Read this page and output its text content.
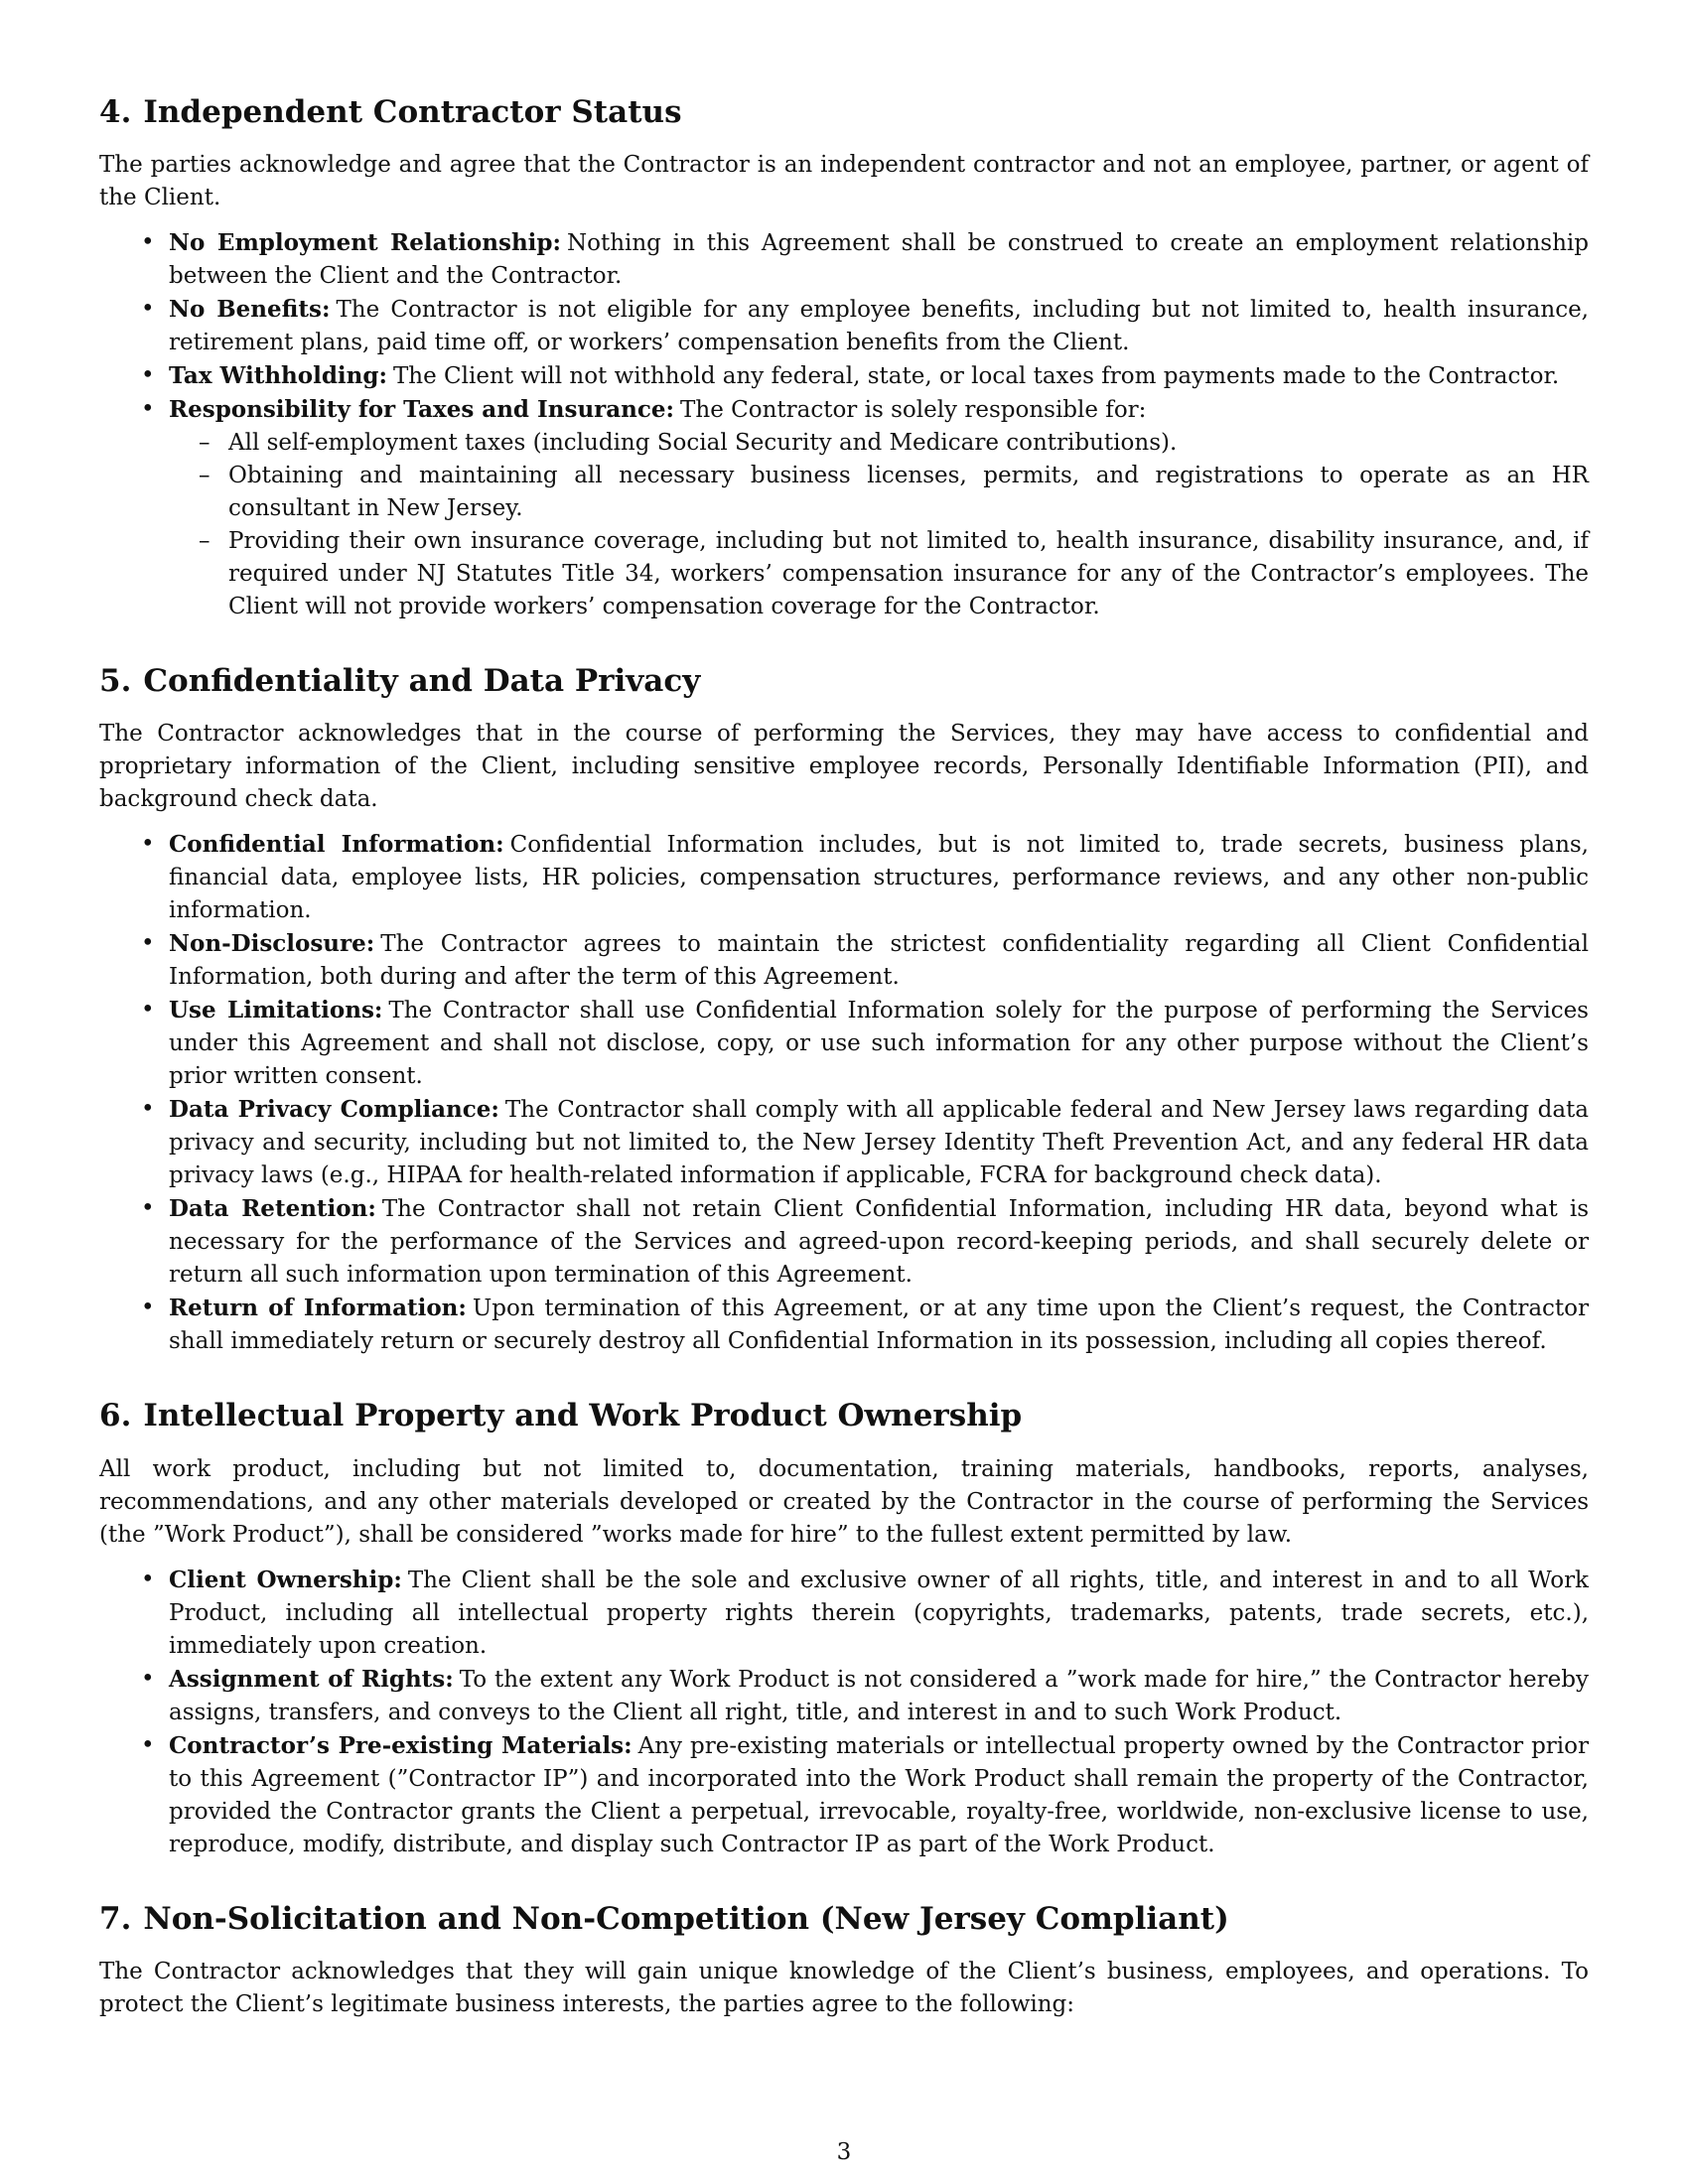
4. Independent Contractor Status

The parties acknowledge and agree that the Contractor is an independent contractor and not an employee, partner, or agent of the Client.

• No Employment Relationship: Nothing in this Agreement shall be construed to create an employment relationship between the Client and the Contractor.
• No Benefits: The Contractor is not eligible for any employee benefits, including but not limited to, health insurance, retirement plans, paid time off, or workers’ compensation benefits from the Client.
• Tax Withholding: The Client will not withhold any federal, state, or local taxes from payments made to the Contractor.
• Responsibility for Taxes and Insurance: The Contractor is solely responsible for:
– All self-employment taxes (including Social Security and Medicare contributions).
– Obtaining and maintaining all necessary business licenses, permits, and registrations to operate as an HR consultant in New Jersey.
– Providing their own insurance coverage, including but not limited to, health insurance, disability insurance, and, if required under NJ Statutes Title 34, workers’ compensation insurance for any of the Contractor’s employees. The Client will not provide workers’ compensation coverage for the Contractor.
5. Confidentiality and Data Privacy

The Contractor acknowledges that in the course of performing the Services, they may have access to confidential and proprietary information of the Client, including sensitive employee records, Personally Identifiable Information (PII), and background check data.

• Confidential Information: Confidential Information includes, but is not limited to, trade secrets, business plans, financial data, employee lists, HR policies, compensation structures, performance reviews, and any other non-public information.
• Non-Disclosure: The Contractor agrees to maintain the strictest confidentiality regarding all Client Confidential Information, both during and after the term of this Agreement.
• Use Limitations: The Contractor shall use Confidential Information solely for the purpose of performing the Services under this Agreement and shall not disclose, copy, or use such information for any other purpose without the Client’s prior written consent.
• Data Privacy Compliance: The Contractor shall comply with all applicable federal and New Jersey laws regarding data privacy and security, including but not limited to, the New Jersey Identity Theft Prevention Act, and any federal HR data privacy laws (e.g., HIPAA for health-related information if applicable, FCRA for background check data).
• Data Retention: The Contractor shall not retain Client Confidential Information, including HR data, beyond what is necessary for the performance of the Services and agreed-upon record-keeping periods, and shall securely delete or return all such information upon termination of this Agreement.
• Return of Information: Upon termination of this Agreement, or at any time upon the Client’s request, the Contractor shall immediately return or securely destroy all Confidential Information in its possession, including all copies thereof.
6. Intellectual Property and Work Product Ownership

All work product, including but not limited to, documentation, training materials, handbooks, reports, analyses, recommendations, and any other materials developed or created by the Contractor in the course of performing the Services (the ”Work Product”), shall be considered ”works made for hire” to the fullest extent permitted by law.

• Client Ownership: The Client shall be the sole and exclusive owner of all rights, title, and interest in and to all Work Product, including all intellectual property rights therein (copyrights, trademarks, patents, trade secrets, etc.), immediately upon creation.
• Assignment of Rights: To the extent any Work Product is not considered a ”work made for hire,” the Contractor hereby assigns, transfers, and conveys to the Client all right, title, and interest in and to such Work Product.
• Contractor’s Pre-existing Materials: Any pre-existing materials or intellectual property owned by the Contractor prior to this Agreement (”Contractor IP”) and incorporated into the Work Product shall remain the property of the Contractor, provided the Contractor grants the Client a perpetual, irrevocable, royalty-free, worldwide, non-exclusive license to use, reproduce, modify, distribute, and display such Contractor IP as part of the Work Product.
7. Non-Solicitation and Non-Competition (New Jersey Compliant)

The Contractor acknowledges that they will gain unique knowledge of the Client’s business, employees, and operations. To protect the Client’s legitimate business interests, the parties agree to the following:

3
